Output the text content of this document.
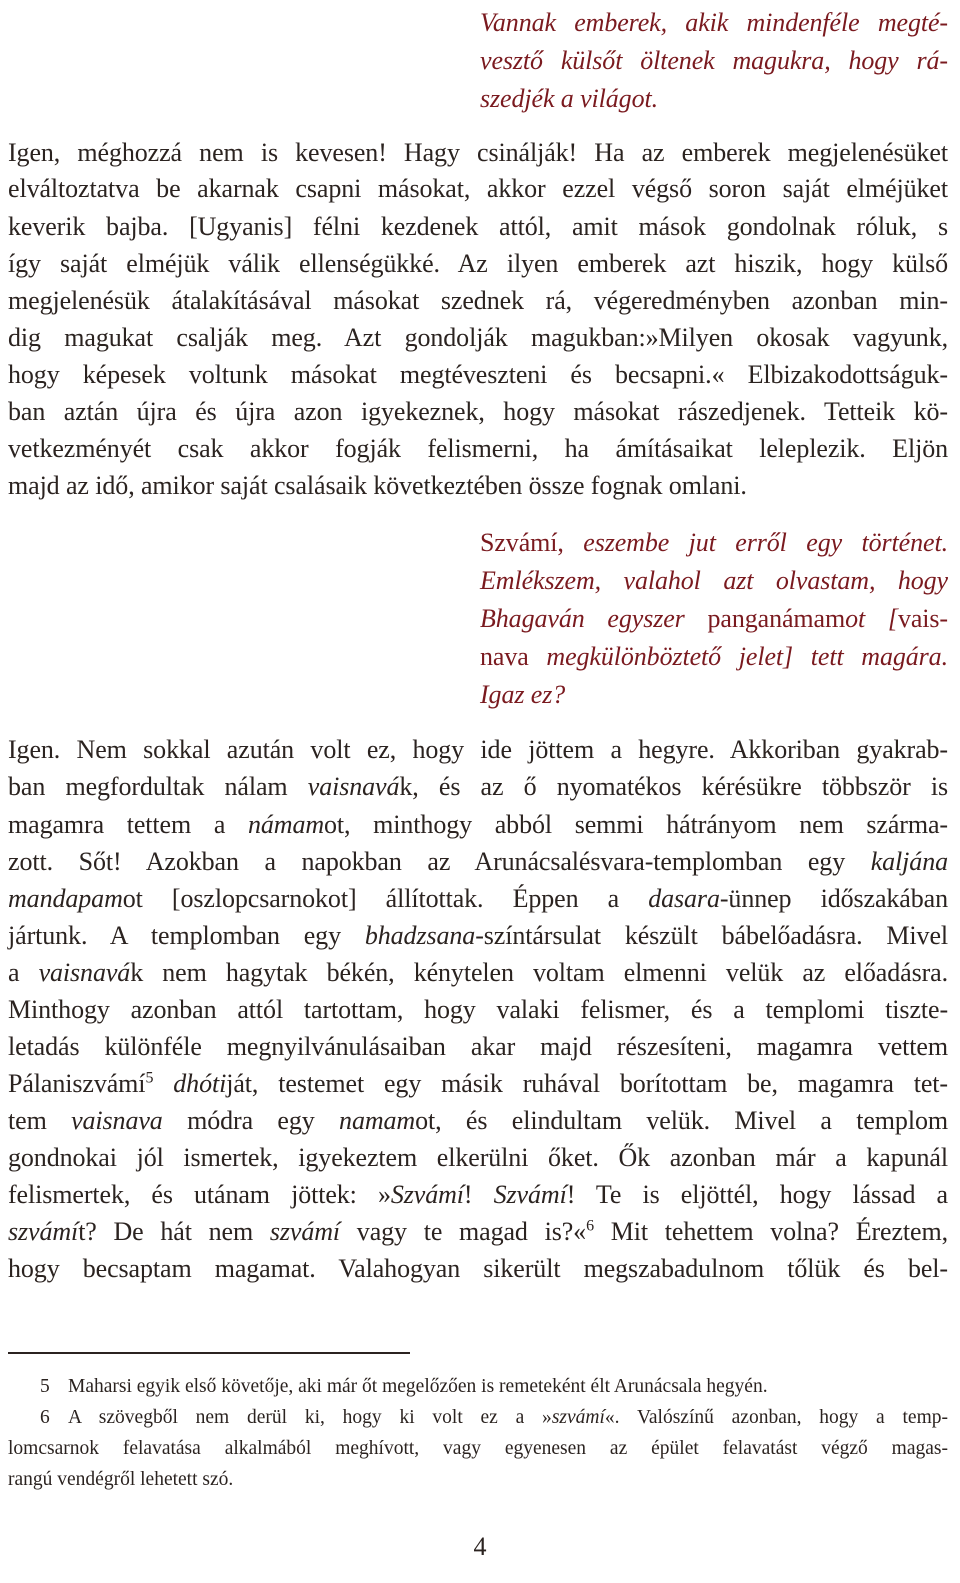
Vannak emberek, akik mindenféle megté-
vesztő külsőt öltenek magukra, hogy rá-
szedjék a világot.
Igen, méghozzá nem is kevesen! Hagy csinálják! Ha az emberek megjelenésüket
elváltoztatva be akarnak csapni másokat, akkor ezzel végső soron saját elméjüket
keverik bajba. [Ugyanis] félni kezdenek attól, amit mások gondolnak róluk, s
így saját elméjük válik ellenségükké. Az ilyen emberek azt hiszik, hogy külső
megjelenésük átalakításával másokat szednek rá, végeredményben azonban min-
dig magukat csalják meg. Azt gondolják magukban:»Milyen okosak vagyunk,
hogy képesek voltunk másokat megtéveszteni és becsapni.« Elbizakodottságuk-
ban aztán újra és újra azon igyekeznek, hogy másokat rászedjenek. Tetteik kö-
vetkezményét csak akkor fogják felismerni, ha ámításaikat leleplezik. Eljön
majd az idő, amikor saját csalásaik következtében össze fognak omlani.
Szvámí, eszembe jut erről egy történet.
Emlékszem, valahol azt olvastam, hogy
Bhagaván egyszer panganámamot [vais-
nava megkülönböztető jelet] tett magára.
Igaz ez?
Igen. Nem sokkal azután volt ez, hogy ide jöttem a hegyre. Akkoriban gyakrab-
ban megfordultak nálam vaisnavák, és az ő nyomatékos kérésükre többször is
magamra tettem a námamot, minthogy abból semmi hátrányom nem szárma-
zott. Sőt! Azokban a napokban az Arunácsalésvara-templomban egy kaljána
mandapamot [oszlopcsarnokot] állítottak. Éppen a dasara-ünnep időszakában
jártunk. A templomban egy bhadzsana-színtársulat készült bábelőadásra. Mivel
a vaisnavák nem hagytak békén, kénytelen voltam elmenni velük az előadásra.
Minthogy azonban attól tartottam, hogy valaki felismer, és a templomi tiszte-
letadás különféle megnyilvánulásaiban akar majd részesíteni, magamra vettem
Pálaniszvámí$^5$ dhótiját, testemet egy másik ruhával borítottam be, magamra tet-
tem vaisnava módra egy namamot, és elindultam velük. Mivel a templom
gondnokai jól ismertek, igyekeztem elkerülni őket. Ők azonban már a kapunál
felismertek, és utánam jöttek: »Szvámí! Szvámí! Te is eljöttél, hogy lássad a
szvámít? De hát nem szvámí vagy te magad is?«$^6$ Mit tehettem volna? Éreztem,
hogy becsaptam magamat. Valahogyan sikerült megszabadulnom tőlük és bel-
5 Maharsi egyik első követője, aki már őt megelőzően is remeteként élt Arunácsala hegyén.
6 A szövegből nem derül ki, hogy ki volt ez a »szvámí«. Valószínű azonban, hogy a temp-
lomcsarnok felavatása alkalmából meghívott, vagy egyenesen az épület felavatást végző magas-
rangú vendégről lehetett szó.
4
